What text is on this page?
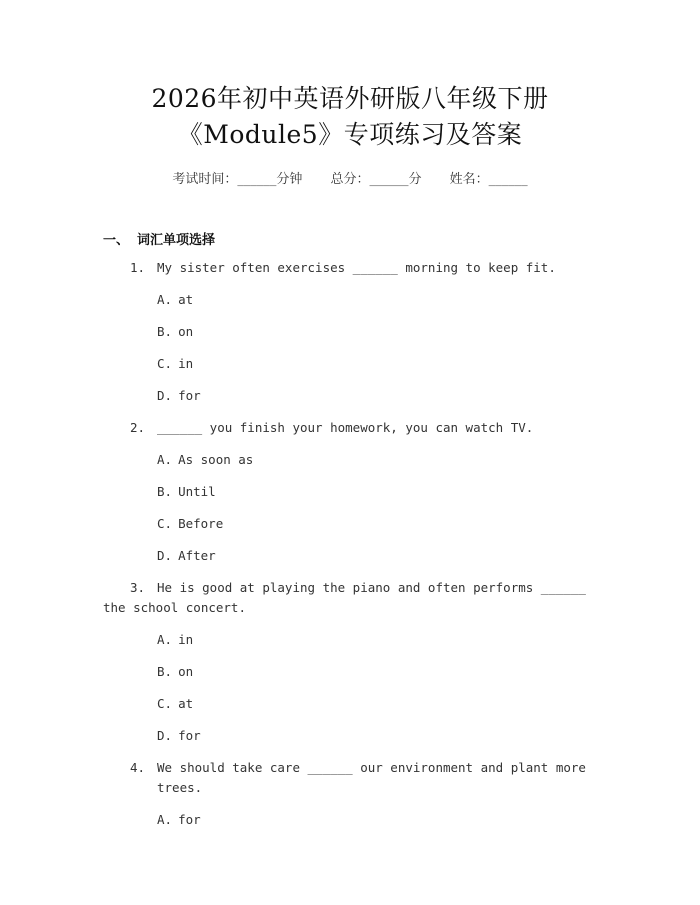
2026年初中英语外研版八年级下册
《Module5》专项练习及答案
考试时间：______分钟 总分：______分 姓名：______
一、 词汇单项选择
1. My sister often exercises ______ morning to keep fit.
A. at
B. on
C. in
D. for
2. ______ you finish your homework, you can watch TV.
A. As soon as
B. Until
C. Before
D. After
3. He is good at playing the piano and often performs ______ the school concert.
A. in
B. on
C. at
D. for
4. We should take care ______ our environment and plant more trees.
A. for
